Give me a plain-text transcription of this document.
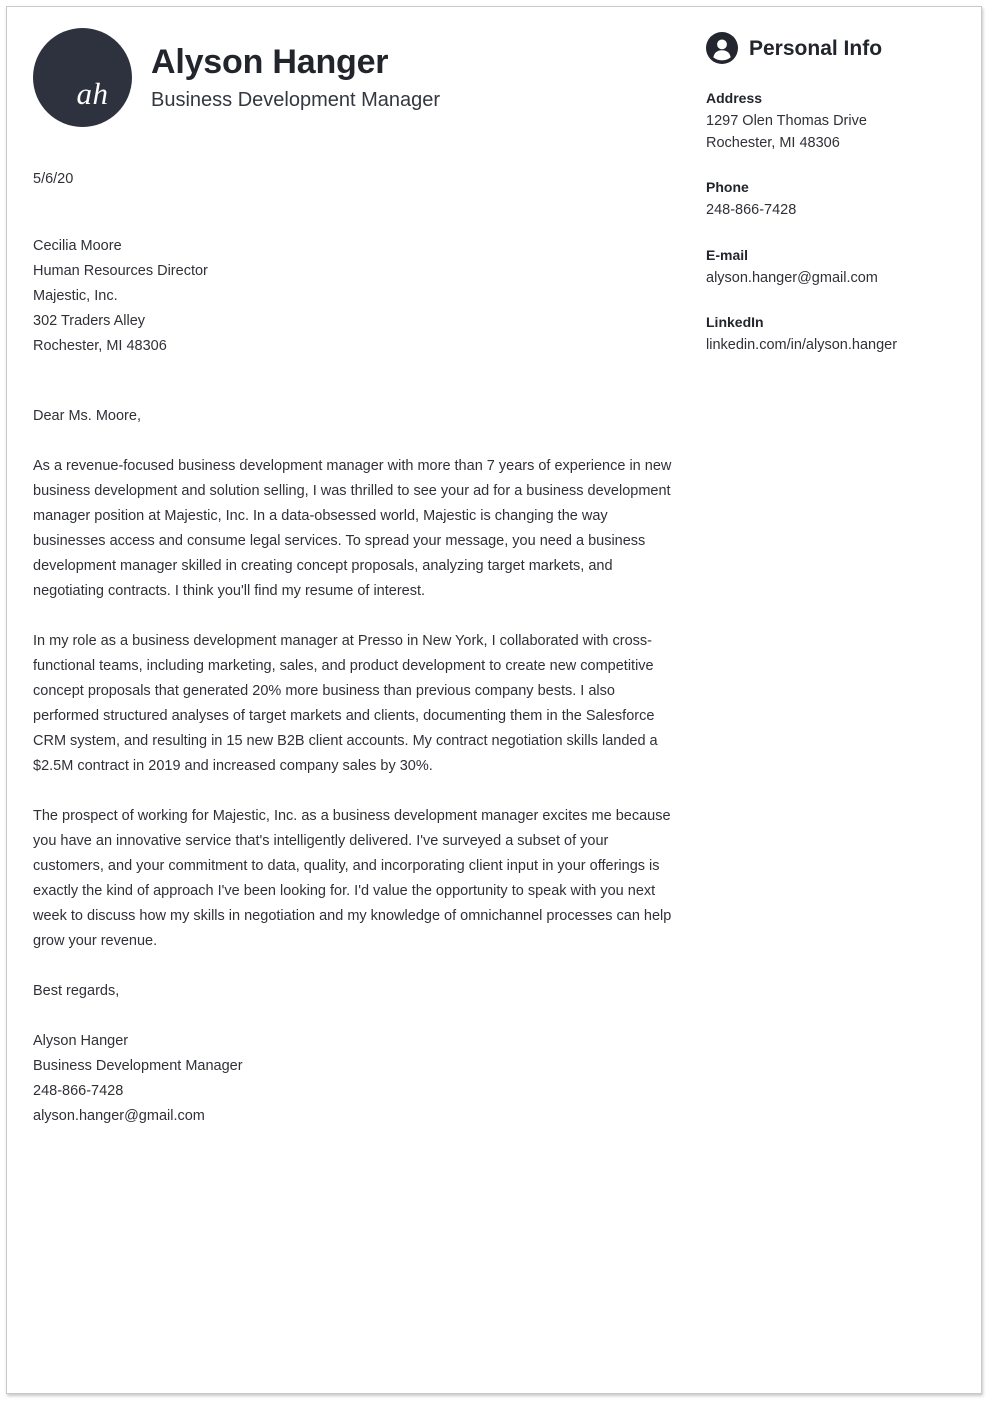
ah
Alyson Hanger

Business Development Manager

5/6/20
Cecilia Moore
Human Resources Director
Majestic, Inc.
302 Traders Alley
Rochester, MI 48306
Dear Ms. Moore,
As a revenue-focused business development manager with more than 7 years of experience in new business development and solution selling, I was thrilled to see your ad for a business development manager position at Majestic, Inc. In a data-obsessed world, Majestic is changing the way businesses access and consume legal services. To spread your message, you need a business development manager skilled in creating concept proposals, analyzing target markets, and negotiating contracts. I think you'll find my resume of interest.
In my role as a business development manager at Presso in New York, I collaborated with cross-functional teams, including marketing, sales, and product development to create new competitive concept proposals that generated 20% more business than previous company bests. I also performed structured analyses of target markets and clients, documenting them in the Salesforce CRM system, and resulting in 15 new B2B client accounts. My contract negotiation skills landed a $2.5M contract in 2019 and increased company sales by 30%.
The prospect of working for Majestic, Inc. as a business development manager excites me because you have an innovative service that's intelligently delivered. I've surveyed a subset of your customers, and your commitment to data, quality, and incorporating client input in your offerings is exactly the kind of approach I've been looking for. I'd value the opportunity to speak with you next week to discuss how my skills in negotiation and my knowledge of omnichannel processes can help grow your revenue.
Best regards,
Alyson Hanger
Business Development Manager
248-866-7428
alyson.hanger@gmail.com
Personal Info
Address
1297 Olen Thomas Drive
Rochester, MI 48306
Phone
248-866-7428
E-mail
alyson.hanger@gmail.com
LinkedIn
linkedin.com/in/alyson.hanger
